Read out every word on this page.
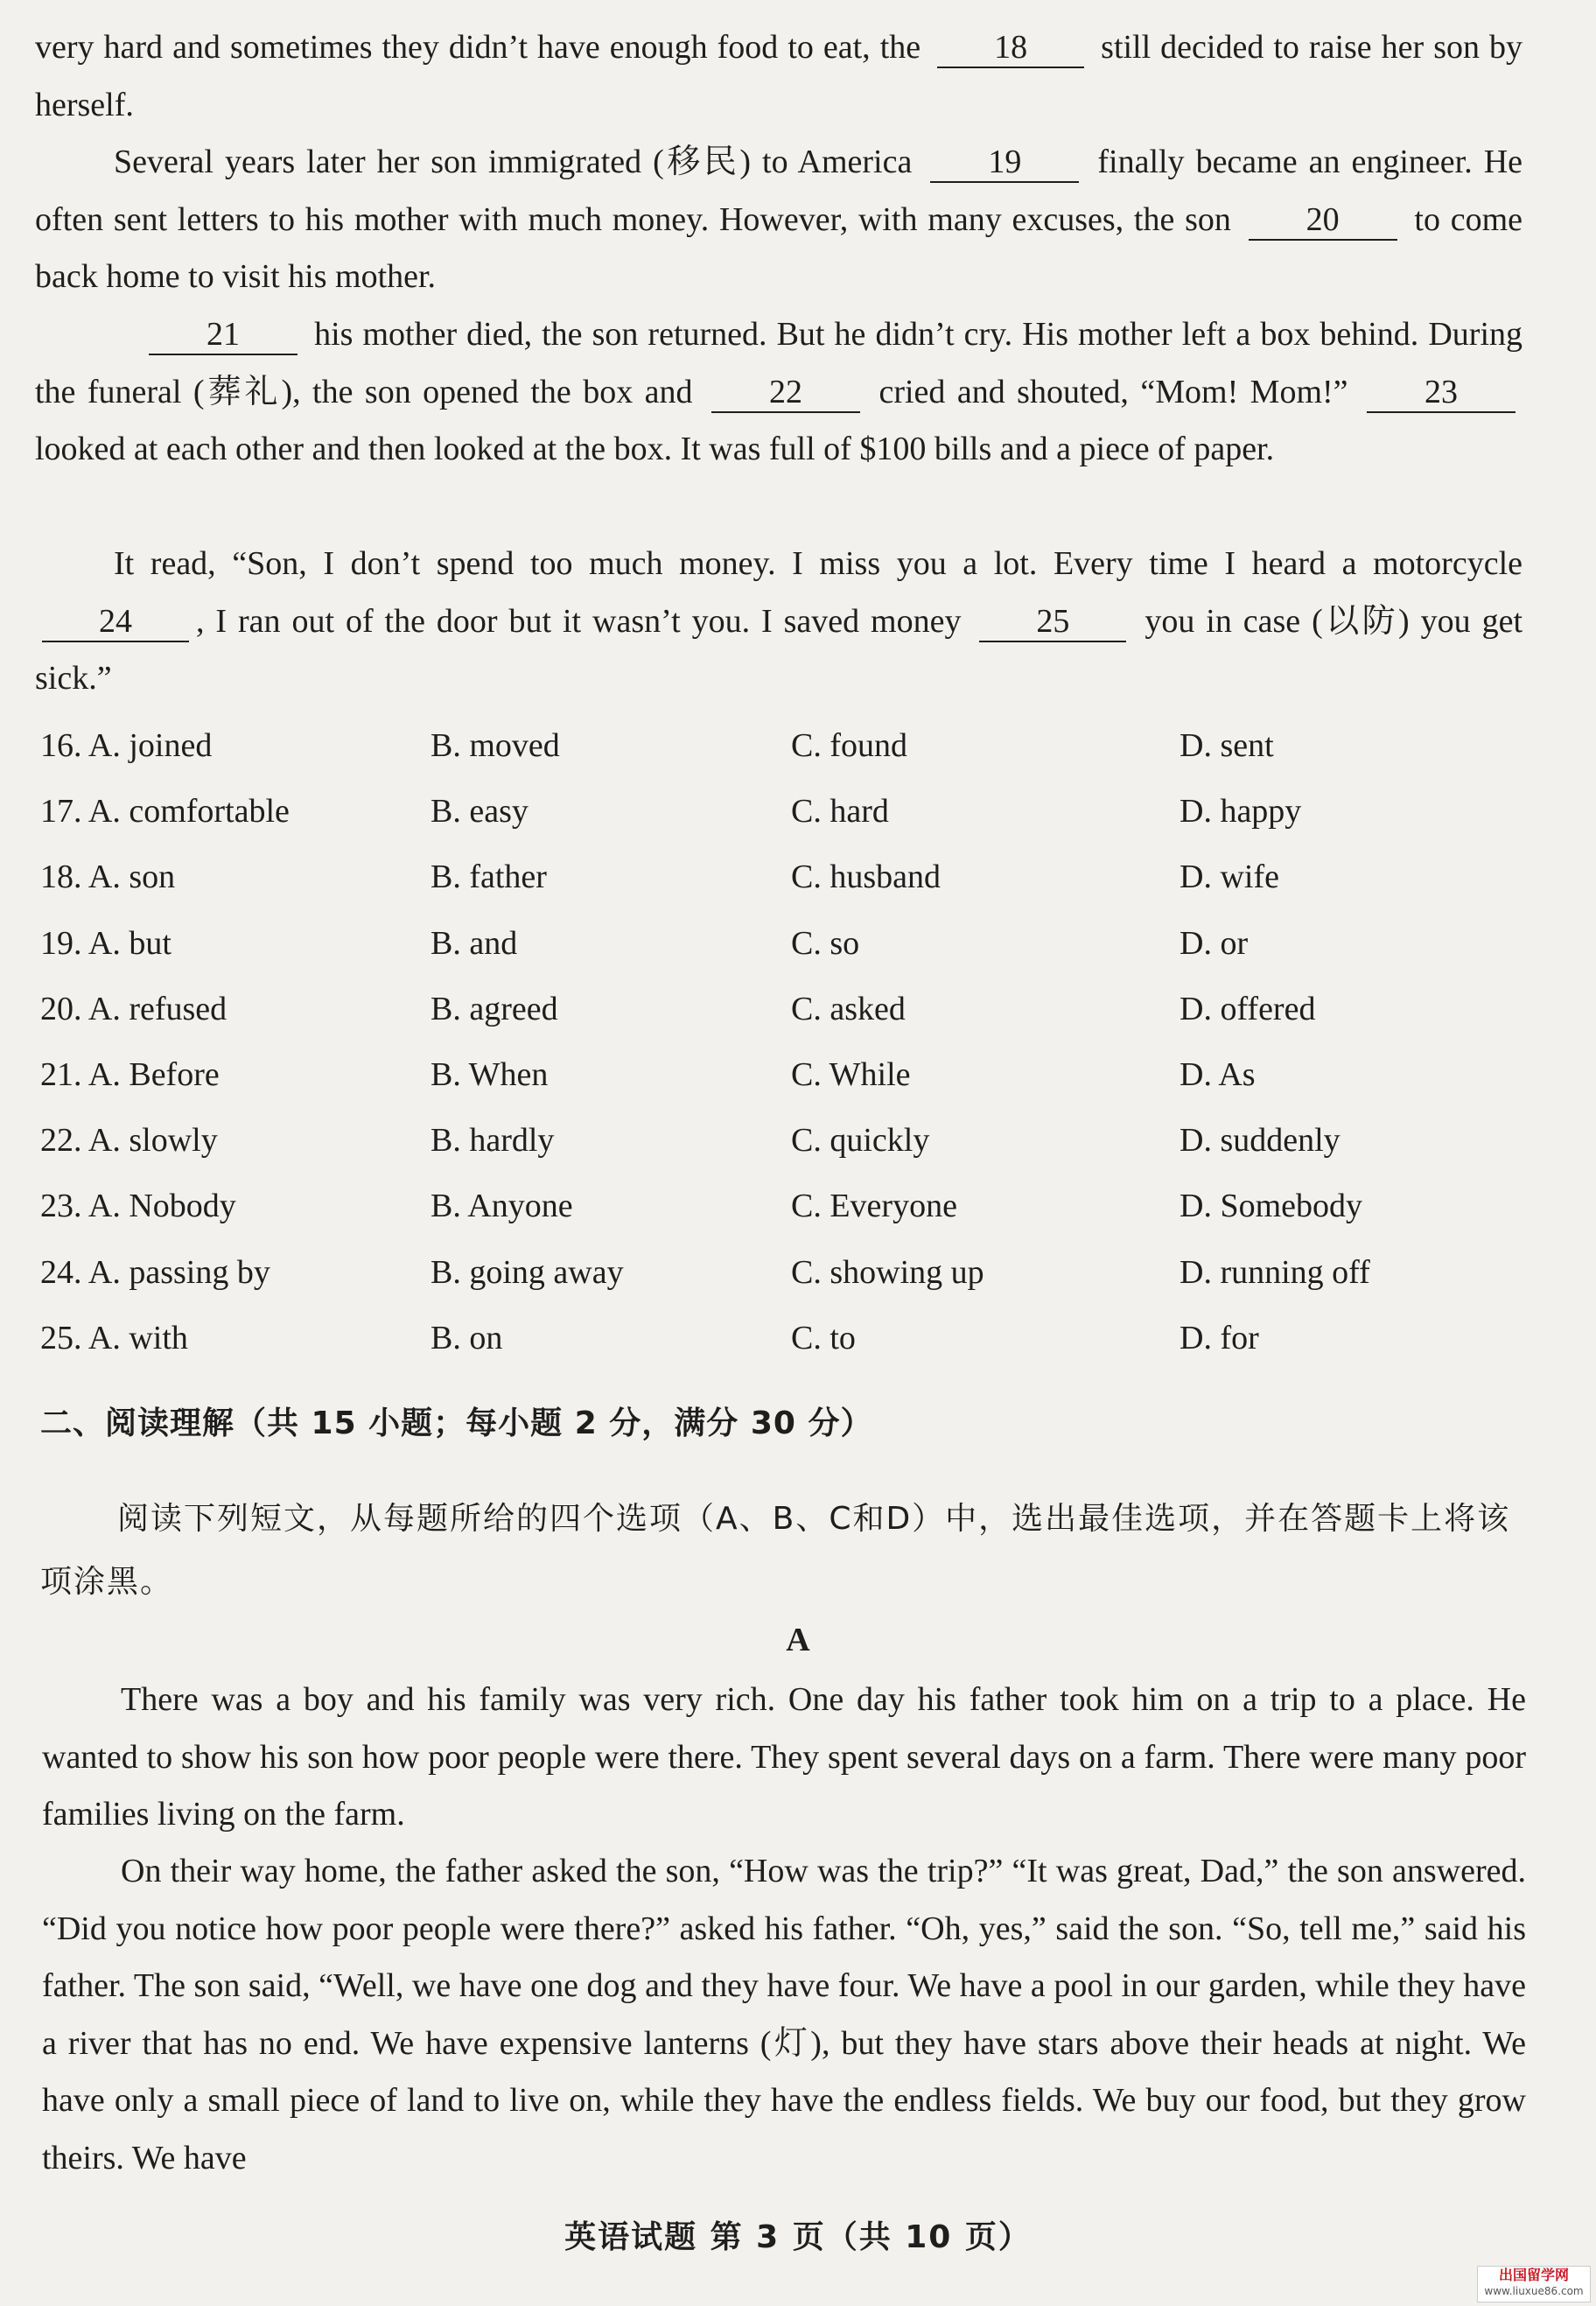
very hard and sometimes they didn’t have enough food to eat, the 18 still decided to raise her son by herself.
Several years later her son immigrated (移民) to America 19 finally became an engineer. He often sent letters to his mother with much money. However, with many excuses, the son 20 to come back home to visit his mother.
21 his mother died, the son returned. But he didn’t cry. His mother left a box behind. During the funeral (葬礼), the son opened the box and 22 cried and shouted, “Mom! Mom!” 23 looked at each other and then looked at the box. It was full of $100 bills and a piece of paper.
It read, “Son, I don’t spend too much money. I miss you a lot. Every time I heard a motorcycle 24 , I ran out of the door but it wasn’t you. I saved money 25 you in case (以防) you get sick.”
16. A. joined	B. moved	C. found	D. sent
17. A. comfortable	B. easy	C. hard	D. happy
18. A. son	B. father	C. husband	D. wife
19. A. but	B. and	C. so	D. or
20. A. refused	B. agreed	C. asked	D. offered
21. A. Before	B. When	C. While	D. As
22. A. slowly	B. hardly	C. quickly	D. suddenly
23. A. Nobody	B. Anyone	C. Everyone	D. Somebody
24. A. passing by	B. going away	C. showing up	D. running off
25. A. with	B. on	C. to	D. for
二、阅读理解（共 15 小题；每小题 2 分，满分 30 分）
阅读下列短文，从每题所给的四个选项（A、B、C和D）中，选出最佳选项，并在答题卡上将该项涂黑。
A
There was a boy and his family was very rich. One day his father took him on a trip to a place. He wanted to show his son how poor people were there. They spent several days on a farm. There were many poor families living on the farm.
On their way home, the father asked the son, “How was the trip?” “It was great, Dad,” the son answered. “Did you notice how poor people were there?” asked his father. “Oh, yes,” said the son. “So, tell me,” said his father. The son said, “Well, we have one dog and they have four. We have a pool in our garden, while they have a river that has no end. We have expensive lanterns (灯), but they have stars above their heads at night. We have only a small piece of land to live on, while they have the endless fields. We buy our food, but they grow theirs. We have
英语试题 第 3 页（共 10 页）
出国留学网
www.liuxue86.com
